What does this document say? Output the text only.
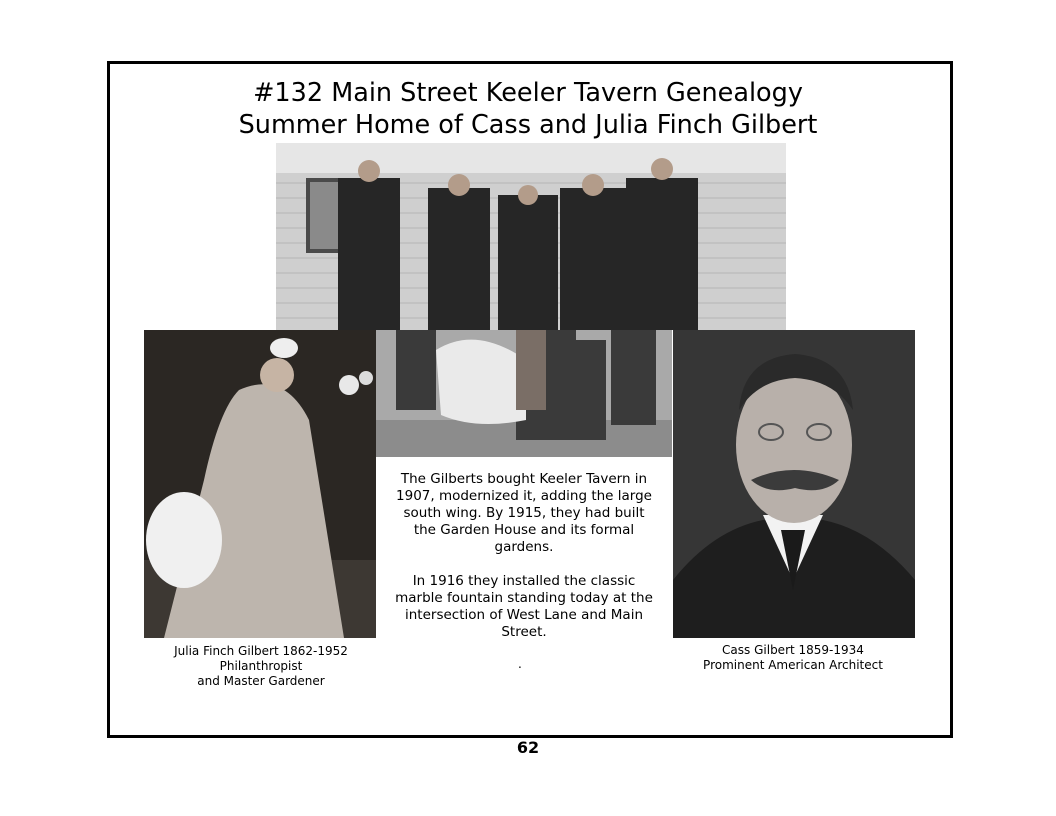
#132 Main Street Keeler Tavern Genealogy
Summer Home of Cass and Julia Finch Gilbert
Julia Finch Gilbert 1862-1952
Philanthropist
and Master Gardener
Cass Gilbert 1859-1934
Prominent American Architect

The Gilberts bought Keeler Tavern in 1907, modernized it, adding the large south wing. By 1915, they had built the Garden House and its formal gardens.

In 1916 they installed the classic marble fountain standing today at the intersection of West Lane and Main Street.

.
62
